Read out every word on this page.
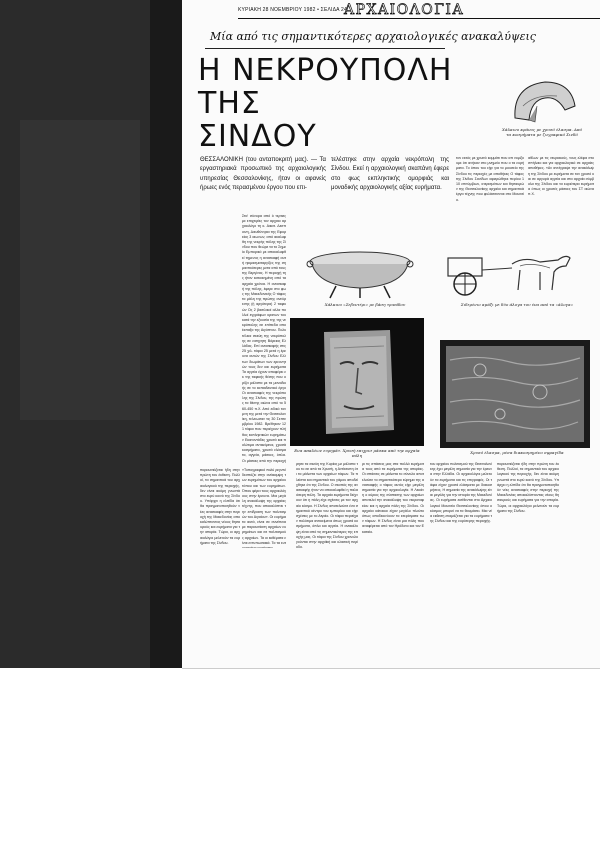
ΚΥΡΙΑΚΗ 28 ΝΟΕΜΒΡΙΟΥ 1982 • ΣΕΛΙΔΑ 24
ΑΡΧΑΙΟΛΟΓΙΑ
Μία από τις σημαντικότερες αρχαιολογικές ανακαλύψεις
Η ΝΕΚΡΟΥΠΟΛΗ
ΤΗΣ
ΣΙΝΔΟΥ	Χάλκινο κράνος με χρυσό έλασμα. Από τα κοσμήματα με ζωγραφικό Σινδό
ΘΕΣΣΑΛΟΝΙΚΗ (του ανταποκριτή μας). — Τα εργαστηριακά προσωπικό της αρχαιολογικής υπηρεσίας Θεσσαλονίκης, ήταν οι αφανείς ήρωες ενός περασμένου έργου που επι-
τελέστηκε στην αρχαία νεκρόπολη της Σίνδου. Εκεί η αρχαιολογική σκαπάνη έφερε στο φως εκπληκτικής ομορφιάς και μοναδικής αρχαιολογικής αξίας ευρήματα.
τον εκτός με χρυσό κομμάτι που απ νομίζουμε ότι ανήκαν στο μνημείο που ο τα ευρήματα. Το όπου του είχε για το μουσείο της Σίνδου τις περιοχές με αποθήκες Ο τάφος της Σίνδου Σανίδων αφιερώθηκε περίου 110 επιτύμβιων, κτερισμάτων και θησαυρών της Θεσσαλονίκης αρχαίοι και σημαντικά έργα τέχνης που φυλάσσονται στο Μουσείο.
αθλων με τις νευρακούς, τους ελέφα στο σπήλαιο και για αρχαιολογικό σε αρχαίες αποθήκες. «Αν αντέγραψε την ανακάλυψη της Σίνδου με ευρήματα σε τον χρυσό και σε αργυρά αγγεία και στα αρχαία σύμβολα της Σίνδου και τα κυριότερα ευρήματα όπως οι χρυσές μάσκες του ΣΤ αιώνα π.Χ.
Στα' σύνορα από ό τερτιες με επιχειρίες τον αρχαιο αρχαιολόγο τη κ. Αικατ. Δεσποινη, Διευθύντρια της Εφορείας 3 αιωνων, από ακαλυφθη της νεκρής πόλης της Σίνδου που θεώρε τα το Σημείο Εμπορικό με αποκαλυφθεί τημενος η ανασκαφή αυτή ηκιμασματαργίζες της σημαντικότερες μετα από τους της Βεργίνας. Η περιοχή της ήταν κατοικημένη από τα αρχαία χρόνια. Η ανασκαφή της πόλης, έφερε στο φως της Μακεδονικής Ο τάφος τα μάλη της πρώτης ανεύρεσης (ή αργότερα) 2 ταφικών Ος 2 βασιλικοί αλλα πολλοί εγγράφων κρατων του κατά την εξουσία της της νεκρόπολης σε επίπεδα απο έκπαξα της Αιγύπτου. Πολυτέλεια σκεύη της νεκρόπολης σε εισηγητη Βόρειας Ελλάδας. Επί ανασκαφής στις 25 χιλ. τάφοι 25 μετά η έρευνα αυτών της Σίνδου Ελλ των διωμάτων των ερευνητών τους δεν και ευρήματα Τα αγγεία έχουν αποφέρει εκ της ταφικής θέσης που ορίζει μάλιστα με τα μοναδικής σε το εκπαιδευτικό έργο Οι ανασκαφές της νεκρόπολης της Σίνδου, της πρώτης τα θέσης αιώνα από το 560-450 π.Χ. Από ειδικό τον μνη της μετά την Θεσσαλονίκη, τελειωσαν τις 30 Σεπτεμβρίου 1982. Βρέθηκαν 121 τάφοι που περιέχουν πλήθος εκπληκτικών ευρημάτων Εκατοντάδες χρυσά και πολύτιμα αντικείμενα, χρυσά κοσμήματα, χρυσά ελάσματα, αγγεία, μάσκες, όπλα. Οι μάσκες από την περιοχή
«Τυπογραφικό πολύ ρεγνινί δεσπόζει στην ανάκαμψη των ευρημάτων του αρχαίου τόπου και των ευρημάτων. Όπου φέρει τους αρχαιολόγους στην έρευνα. Μια μεγάλη ανακάλυψη της αρχαίας τέχνης, που αποκαλύπτει την επίδραση των πολιτισμών του Αιγαίου». Οι ευρήματα αυτά, είναι σε συνέπεια με παρουσίαση αρχαίων ευρημάτων και σε πολιτισμούς αρχαίων. Τα οι εκθέματα είναι εντυπωσιακά. Τα τα ευτ
παρουσιάζεται ήδη στην πρώτη του έκθεση. Πολλοί, τα σημαντικά του αρχαιολογικού της περιοχής, δεν είναι ακόμη γνωστά στο ευρύ κοινό της Σίνδου. Υπάρχει η ελπίδα ότι θα πραγματοποιηθούν νέες ανασκαφές στην περιοχή της Μακεδονίας αποκαλύπτοντας νέους θησαυρούς και ευρήματα για την ιστορία. Τώρα, οι αρχαιολόγοι μελετούν τα ευρήματα της Σίνδου.
Χάλκινο «Ζεβεντέρι» με βάση τριπόδου	Σιδερένιο αμάξι με δύο άλογα του ένα από τα «άλογα»
Ενα απαλέων ευρημάτ. Χρυσή επιχρισ μάσκα από την αρχαία πόλη
Χρυσό έλασμα, μέσα διακοσμημένο σφραγίδα
ρησε τα σκεύη της Κυρίας με μάλιστα του το σε από τα Χρυσή, η Αντίκτυπη ότι τα μάλιστα των αρχαίων τάφων. Τα πλείστα και σημαντικά του γάμου αποδείχθηκε ότι της Σίνδου. Ο σκοπός της ανασκαφής ήταν να αποκαλυφθεί η παλαιότερη πόλη. Τα αρχαία ευρήματα δείχνουν ότι η πόλη είχε σχέσεις με τον αρχαίο κόσμο. Η Σίνδος αποτελούσε ένα σημαντικό κέντρο του εμπορίου και είχε σχέσεις με το Αιγαίο. Οι τάφοι περιείχαν πολύτιμα αντικείμενα όπως χρυσά κοσμήματα, όπλα και αγγεία. Η ανακάλυψη είναι από τις σημαντικότερες της εποχής μας. Οι τάφοι της Σίνδου χρονολογούνται στην αρχαϊκή και κλασική περίοδο.
ρι τις σπάσεις μας στα πολλά ευρήματα τους από τα ευρήματα της ιστορίας. Οι σπάσεις σε μάλιστα το σύνολο αποτελούσε το σημαντικότερο εύρημα της ανασκαφής ο τάφος αυτός είχε μεγάλη σημασία για την αρχαιολογία. Η Λεκάνη ο κύριος της σύστασης των αρχαίων αποτελεί την ανακάλυψη του νεκροταφείου και η αρχαία πόλη της Σίνδου. Οι αρχαίοι κάτοικοι είχαν μεγάλο πλούτο όπως αποδεικνύουν τα κτερίσματα των τάφων. Η Σίνδος είναι μια πόλη που αναφέρεται από τον Ηρόδοτο και τον Εκαταίο.
του αρχαίου πολιτισμού της Θεσσαλονίκης έχει μεγάλη σημασία για την έρευνα στην Ελλάδα. Οι αρχαιολόγοι μελετούν τα ευρήματα και τις επιγραφές. Οι τάφοι είχαν χρυσά ελάσματα με διακοσμήσεις. Η σημασία της ανακάλυψης είναι μεγάλη για την ιστορία της Μακεδονίας. Οι ευρήματα εκτίθενται στο Αρχαιολογικό Μουσείο Θεσσαλονίκης όπου ο κόσμος μπορεί να τα θαυμάσει. Μια νέα εκθεση ετοιμάζεται για τα ευρήματα της Σίνδου και της ευρύτερης περιοχής.
παρουσιάζεται ήδη στην πρώτη του έκθεση. Πολλοί, τα σημαντικά του αρχαιολογικού της περιοχής, δεν είναι ακόμη γνωστά στο ευρύ κοινό της Σίνδου. Υπάρχει η ελπίδα ότι θα πραγματοποιηθούν νέες ανασκαφές στην περιοχή της Μακεδονίας αποκαλύπτοντας νέους θησαυρούς και ευρήματα για την ιστορία. Τώρα, οι αρχαιολόγοι μελετούν τα ευρήματα της Σίνδου.
